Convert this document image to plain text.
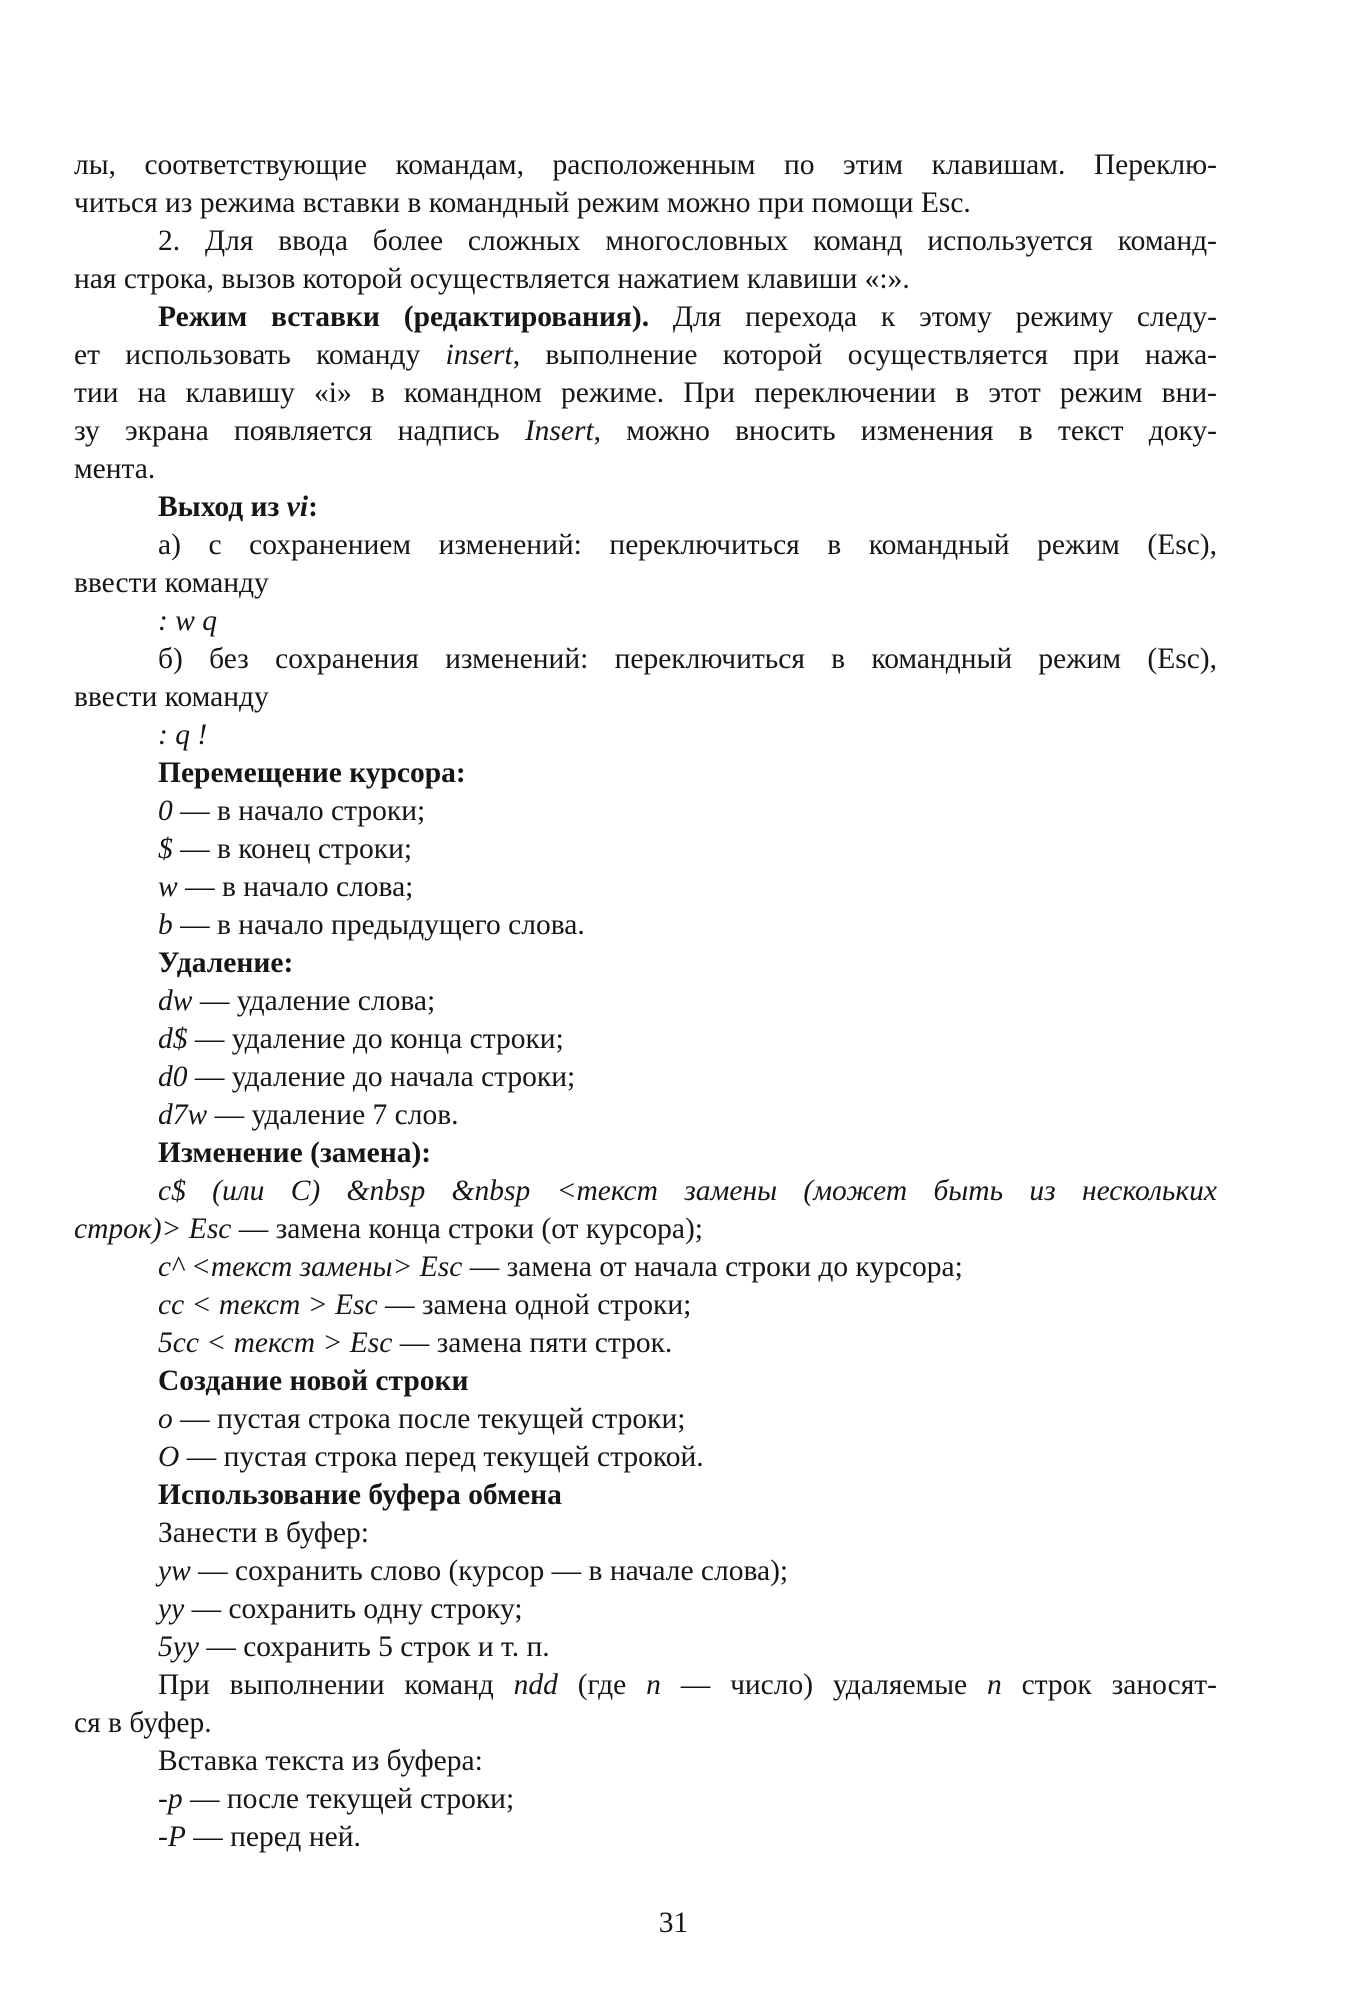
лы, соответствующие командам, расположенным по этим клавишам. Переклю-
читься из режима вставки в командный режим можно при помощи Esc.
2. Для ввода более сложных многословных команд используется команд-
ная строка, вызов которой осуществляется нажатием клавиши «:».
Режим вставки (редактирования). Для перехода к этому режиму следу-
ет использовать команду insert, выполнение которой осуществляется при нажа-
тии на клавишу «i» в командном режиме. При переключении в этот режим вни-
зу экрана появляется надпись Insert, можно вносить изменения в текст доку-
мента.
Выход из vi:
а) с сохранением изменений: переключиться в командный режим (Esc),
ввести команду
: w q
б) без сохранения изменений: переключиться в командный режим (Esc),
ввести команду
: q !
Перемещение курсора:
0 — в начало строки;
$ — в конец строки;
w — в начало слова;
b — в начало предыдущего слова.
Удаление:
dw — удаление слова;
d$ — удаление до конца строки;
d0 — удаление до начала строки;
d7w — удаление 7 слов.
Изменение (замена):
c$ (или С) &nbsp &nbsp <текст замены (может быть из нескольких
строк)> Esc — замена конца строки (от курсора);
c^ <текст замены> Esc — замена от начала строки до курсора;
cc < текст > Esc — замена одной строки;
5cc < текст > Esc — замена пяти строк.
Создание новой строки
o — пустая строка после текущей строки;
O — пустая строка перед текущей строкой.
Использование буфера обмена
Занести в буфер:
yw — сохранить слово (курсор — в начале слова);
yy — сохранить одну строку;
5yy — сохранить 5 строк и т. п.
При выполнении команд ndd (где n — число) удаляемые n строк заносят-
ся в буфер.
Вставка текста из буфера:
-p — после текущей строки;
-P — перед ней.
31
